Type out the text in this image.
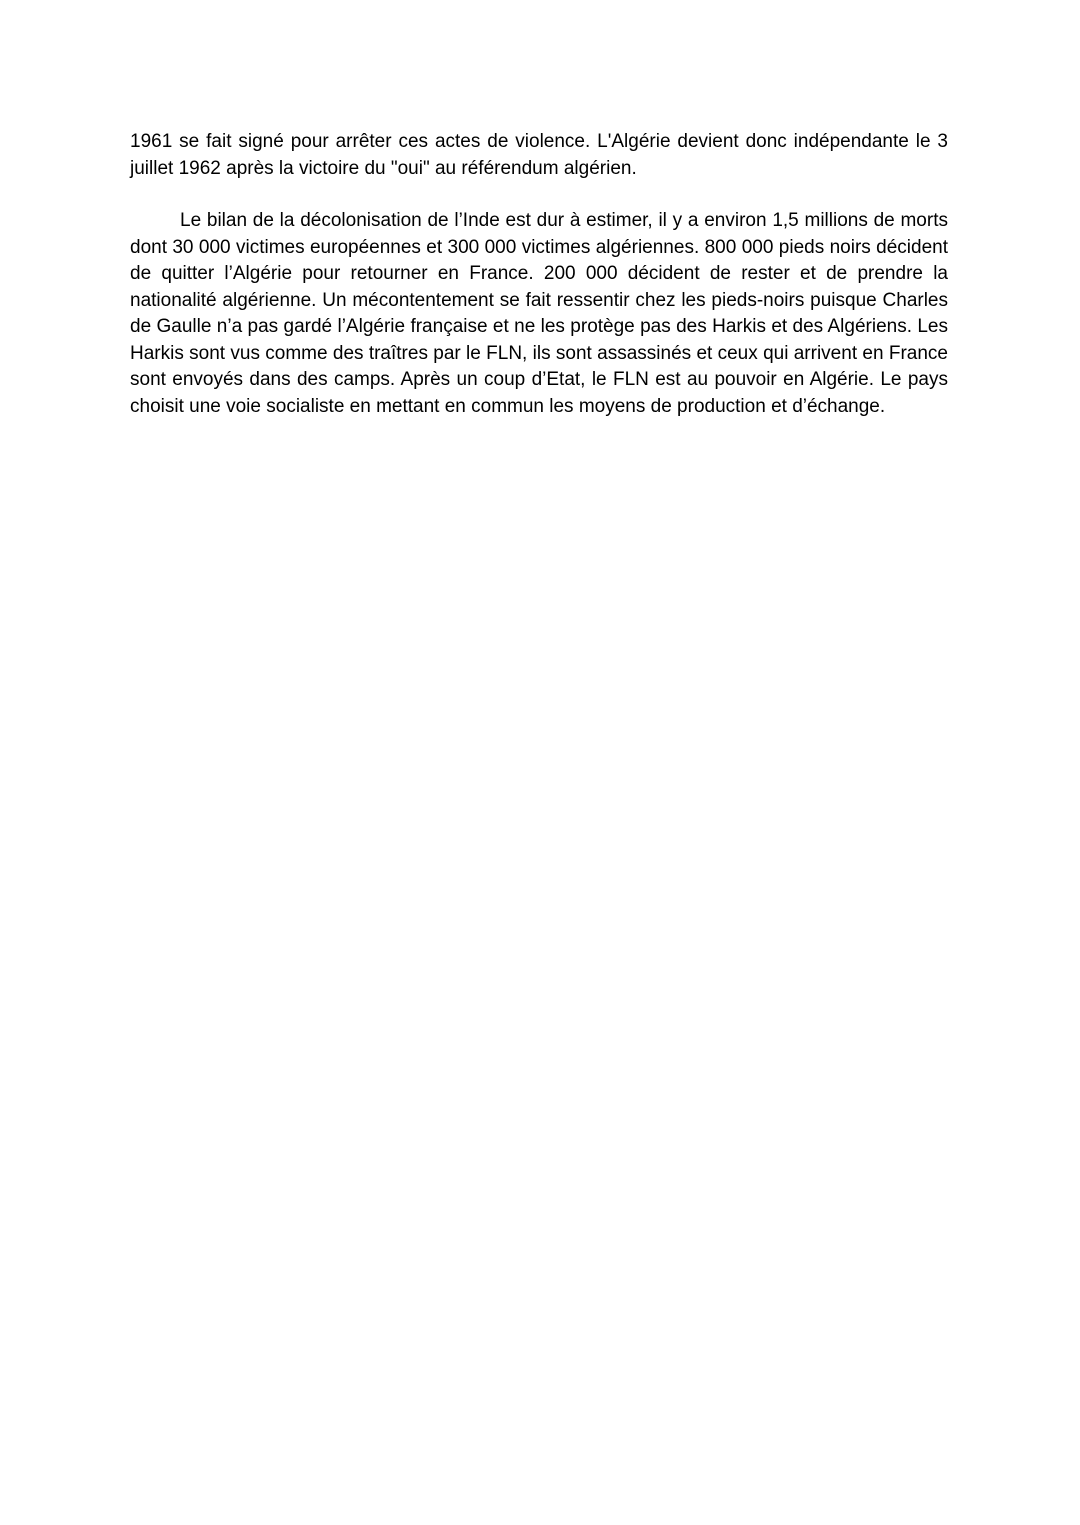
1961 se fait signé pour arrêter ces actes de violence. L'Algérie devient donc indépendante le 3 juillet 1962 après la victoire du "oui" au référendum algérien.

Le bilan de la décolonisation de l’Inde est dur à estimer, il y a environ 1,5 millions de morts dont 30 000 victimes européennes et 300 000 victimes algériennes. 800 000 pieds noirs décident de quitter l’Algérie pour retourner en France. 200 000 décident de rester et de prendre la nationalité algérienne. Un mécontentement se fait ressentir chez les pieds-noirs puisque Charles de Gaulle n’a pas gardé l’Algérie française et ne les protège pas des Harkis et des Algériens. Les Harkis sont vus comme des traîtres par le FLN, ils sont assassinés et ceux qui arrivent en France sont envoyés dans des camps. Après un coup d’Etat, le FLN est au pouvoir en Algérie. Le pays choisit une voie socialiste en mettant en commun les moyens de production et d’échange.
